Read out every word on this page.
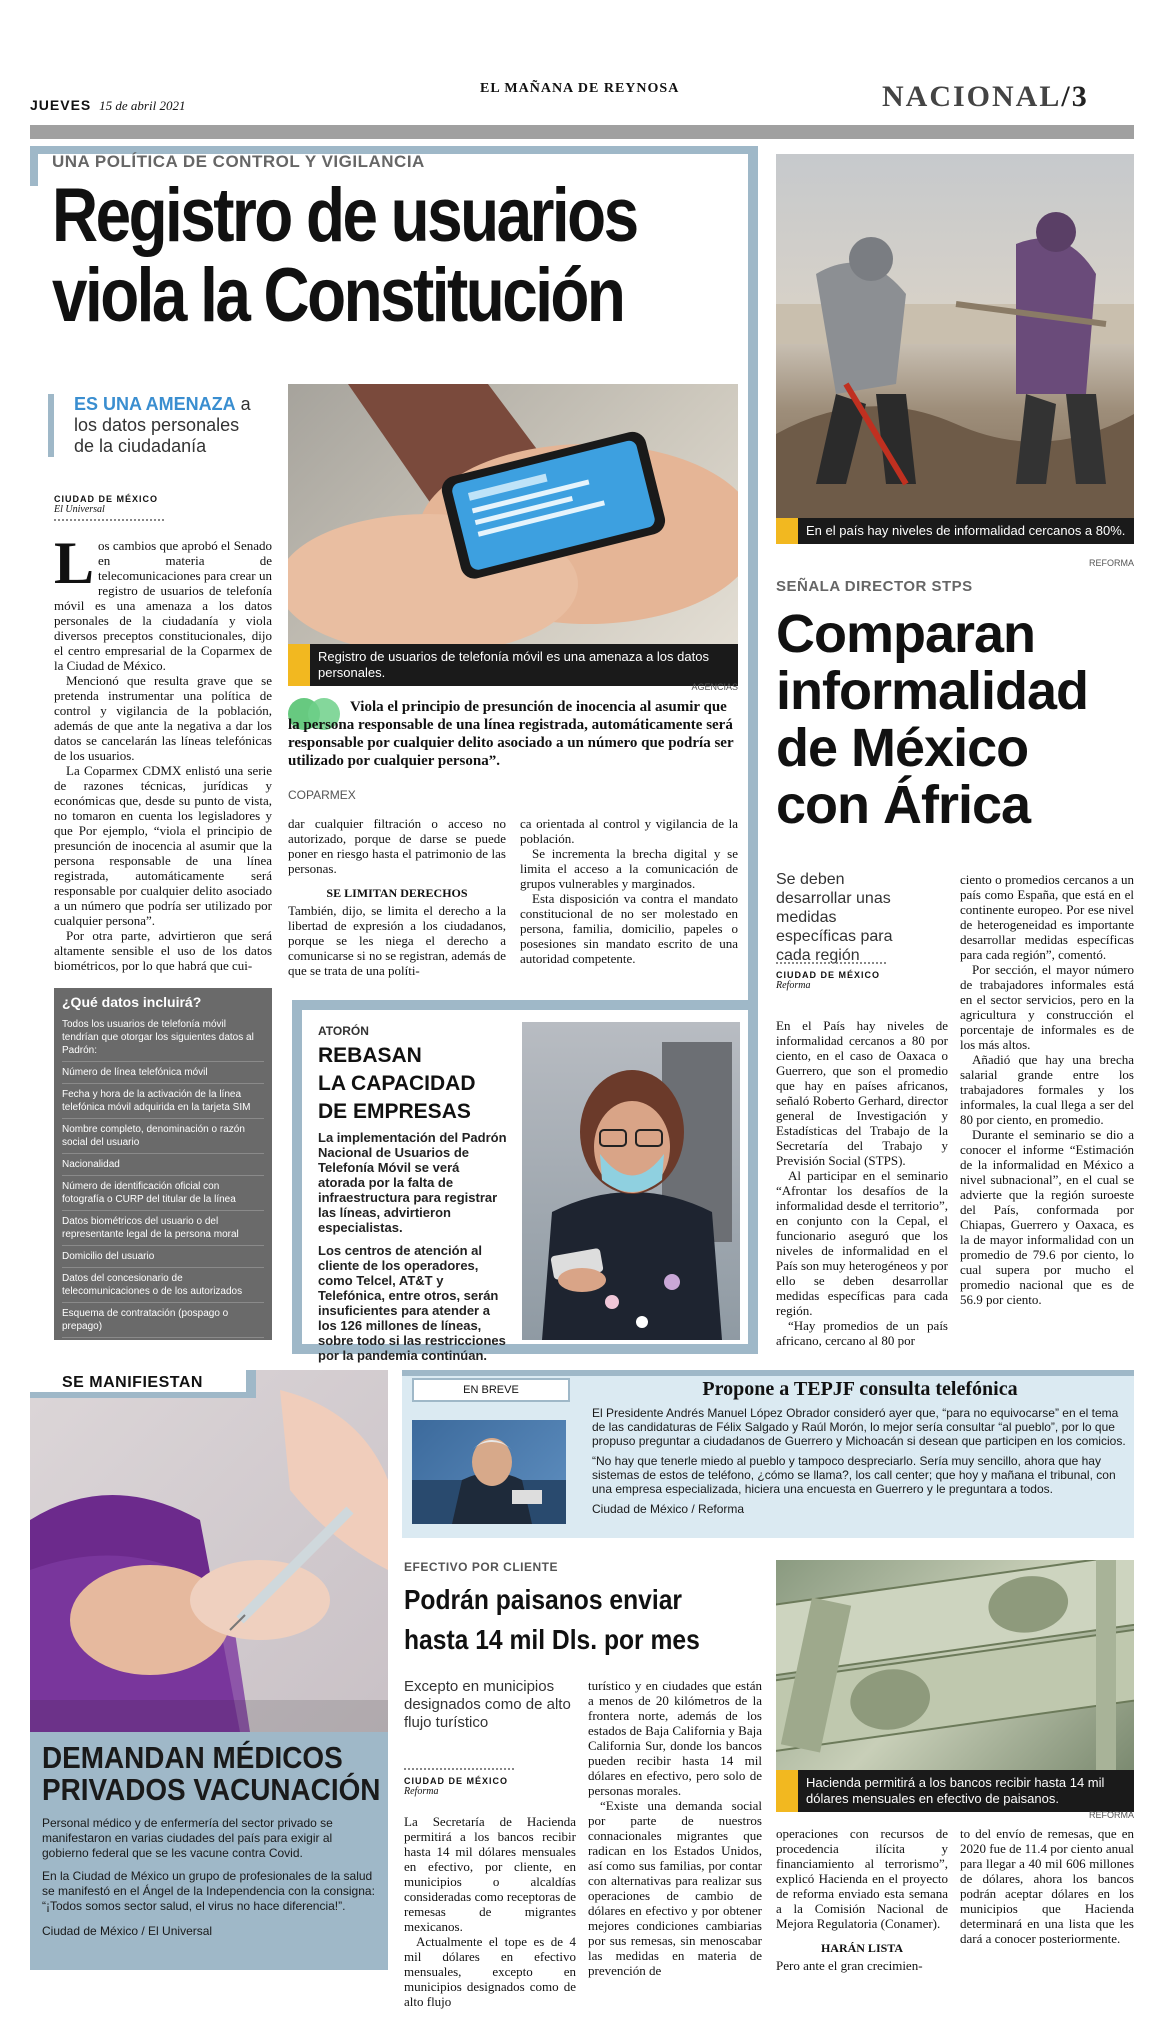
JUEVES 15 de abril 2021
EL MAÑANA DE REYNOSA	NACIONAL/3
UNA POLÍTICA DE CONTROL Y VIGILANCIA
Registro de usuarios
viola la Constitución
ES UNA AMENAZA a los datos personales de la ciudadanía
CIUDAD DE MÉXICO
El Universal
L os cambios que aprobó el Senado en materia de telecomunicaciones para crear un registro de usuarios de telefonía móvil es una amenaza a los datos personales de la ciudadanía y viola diversos preceptos constitucionales, dijo el centro empresarial de la Coparmex de la Ciudad de México.

Mencionó que resulta grave que se pretenda instrumentar una política de control y vigilancia de la población, además de que ante la negativa a dar los datos se cancelarán las líneas telefónicas de los usuarios.

La Coparmex CDMX enlistó una serie de razones técnicas, jurídicas y económicas que, desde su punto de vista, no tomaron en cuenta los legisladores y que Por ejemplo, “viola el principio de presunción de inocencia al asumir que la persona responsable de una línea registrada, automáticamente será responsable por cualquier delito asociado a un número que podría ser utilizado por cualquier persona”.

Por otra parte, advirtieron que será altamente sensible el uso de los datos biométricos, por lo que habrá que cui-

Registro de usuarios de telefonía móvil es una amenaza a los datos personales.
AGENCIAS
Viola el principio de presunción de inocencia al asumir que la persona responsable de una línea registrada, automáticamente será responsable por cualquier delito asociado a un número que podría ser utilizado por cualquier persona”.
COPARMEX

dar cualquier filtración o acceso no autorizado, porque de darse se puede poner en riesgo hasta el patrimonio de las personas.

SE LIMITAN DERECHOS

También, dijo, se limita el derecho a la libertad de expresión a los ciudadanos, porque se les niega el derecho a comunicarse si no se registran, además de que se trata de una políti-

ca orientada al control y vigilancia de la población.

Se incrementa la brecha digital y se limita el acceso a la comunicación de grupos vulnerables y marginados.

Esta disposición va contra el mandato constitucional de no ser molestado en persona, familia, domicilio, papeles o posesiones sin mandato escrito de una autoridad competente.

¿Qué datos incluirá?
Todos los usuarios de telefonía móvil tendrían que otorgar los siguientes datos al Padrón:
Número de línea telefónica móvil
Fecha y hora de la activación de la línea telefónica móvil adquirida en la tarjeta SIM
Nombre completo, denominación o razón social del usuario
Nacionalidad
Número de identificación oficial con fotografía o CURP del titular de la línea
Datos biométricos del usuario o del representante legal de la persona moral
Domicilio del usuario
Datos del concesionario de telecomunicaciones o de los autorizados
Esquema de contratación (pospago o prepago)
Reforma
ATORÓN
REBASAN
LA CAPACIDAD
DE EMPRESAS

La implementación del Padrón Nacional de Usuarios de Telefonía Móvil se verá atorada por la falta de infraestructura para registrar las líneas, advirtieron especialistas.

Los centros de atención al cliente de los operadores, como Telcel, AT&T y Telefónica, entre otros, serán insuficientes para atender a los 126 millones de líneas, sobre todo si las restricciones por la pandemia continúan.

En el país hay niveles de informalidad cercanos a 80%.
REFORMA
SEÑALA DIRECTOR STPS
Comparan
informalidad
de México
con África
Se deben desarrollar unas medidas específicas para cada región
CIUDAD DE MÉXICO
Reforma

En el País hay niveles de informalidad cercanos a 80 por ciento, en el caso de Oaxaca o Guerrero, que son el promedio que hay en países africanos, señaló Roberto Gerhard, director general de Investigación y Estadísticas del Trabajo de la Secretaría del Trabajo y Previsión Social (STPS).

Al participar en el seminario “Afrontar los desafíos de la informalidad desde el territorio”, en conjunto con la Cepal, el funcionario aseguró que los niveles de informalidad en el País son muy heterogéneos y por ello se deben desarrollar medidas específicas para cada región.

“Hay promedios de un país africano, cercano al 80 por

ciento o promedios cercanos a un país como España, que está en el continente europeo. Por ese nivel de heterogeneidad es importante desarrollar medidas específicas para cada región”, comentó.

Por sección, el mayor número de trabajadores informales está en el sector servicios, pero en la agricultura y construcción el porcentaje de informales es de los más altos.

Añadió que hay una brecha salarial grande entre los trabajadores formales y los informales, la cual llega a ser del 80 por ciento, en promedio.

Durante el seminario se dio a conocer el informe “Estimación de la informalidad en México a nivel subnacional”, en el cual se advierte que la región suroeste del País, conformada por Chiapas, Guerrero y Oaxaca, es la de mayor informalidad con un promedio de 79.6 por ciento, lo cual supera por mucho el promedio nacional que es de 56.9 por ciento.

SE MANIFIESTAN
DEMANDAN MÉDICOS
PRIVADOS VACUNACIÓN

Personal médico y de enfermería del sector privado se manifestaron en varias ciudades del país para exigir al gobierno federal que se les vacune contra Covid.

En la Ciudad de México un grupo de profesionales de la salud se manifestó en el Ángel de la Independencia con la consigna: “¡Todos somos sector salud, el virus no hace diferencia!”.

Ciudad de México / El Universal

EN BREVE	Propone a TEPJF consulta telefónica

El Presidente Andrés Manuel López Obrador consideró ayer que, “para no equivocarse” en el tema de las candidaturas de Félix Salgado y Raúl Morón, lo mejor sería consultar “al pueblo”, por lo que propuso preguntar a ciudadanos de Guerrero y Michoacán si desean que participen en los comicios.

“No hay que tenerle miedo al pueblo y tampoco despreciarlo. Sería muy sencillo, ahora que hay sistemas de estos de teléfono, ¿cómo se llama?, los call center; que hoy y mañana el tribunal, con una empresa especializada, hiciera una encuesta en Guerrero y le preguntara a todos.

Ciudad de México / Reforma

EFECTIVO POR CLIENTE
Podrán paisanos enviar
hasta 14 mil Dls. por mes
Excepto en municipios designados como de alto flujo turístico
CIUDAD DE MÉXICO
Reforma

La Secretaría de Hacienda permitirá a los bancos recibir hasta 14 mil dólares mensuales en efectivo, por cliente, en municipios o alcaldías consideradas como receptoras de remesas de migrantes mexicanos.

Actualmente el tope es de 4 mil dólares en efectivo mensuales, excepto en municipios designados como de alto flujo

turístico y en ciudades que están a menos de 20 kilómetros de la frontera norte, además de los estados de Baja California y Baja California Sur, donde los bancos pueden recibir hasta 14 mil dólares en efectivo, pero solo de personas morales.

“Existe una demanda social por parte de nuestros connacionales migrantes que radican en los Estados Unidos, así como sus familias, por contar con alternativas para realizar sus operaciones de cambio de dólares en efectivo y por obtener mejores condiciones cambiarias por sus remesas, sin menoscabar las medidas en materia de prevención de

Hacienda permitirá a los bancos recibir hasta 14 mil dólares mensuales en efectivo de paisanos.
REFORMA

operaciones con recursos de procedencia ilícita y financiamiento al terrorismo”, explicó Hacienda en el proyecto de reforma enviado esta semana a la Comisión Nacional de Mejora Regulatoria (Conamer).

HARÁN LISTA

Pero ante el gran crecimien-

to del envío de remesas, que en 2020 fue de 11.4 por ciento anual para llegar a 40 mil 606 millones de dólares, ahora los bancos podrán aceptar dólares en los municipios que Hacienda determinará en una lista que les dará a conocer posteriormente.
